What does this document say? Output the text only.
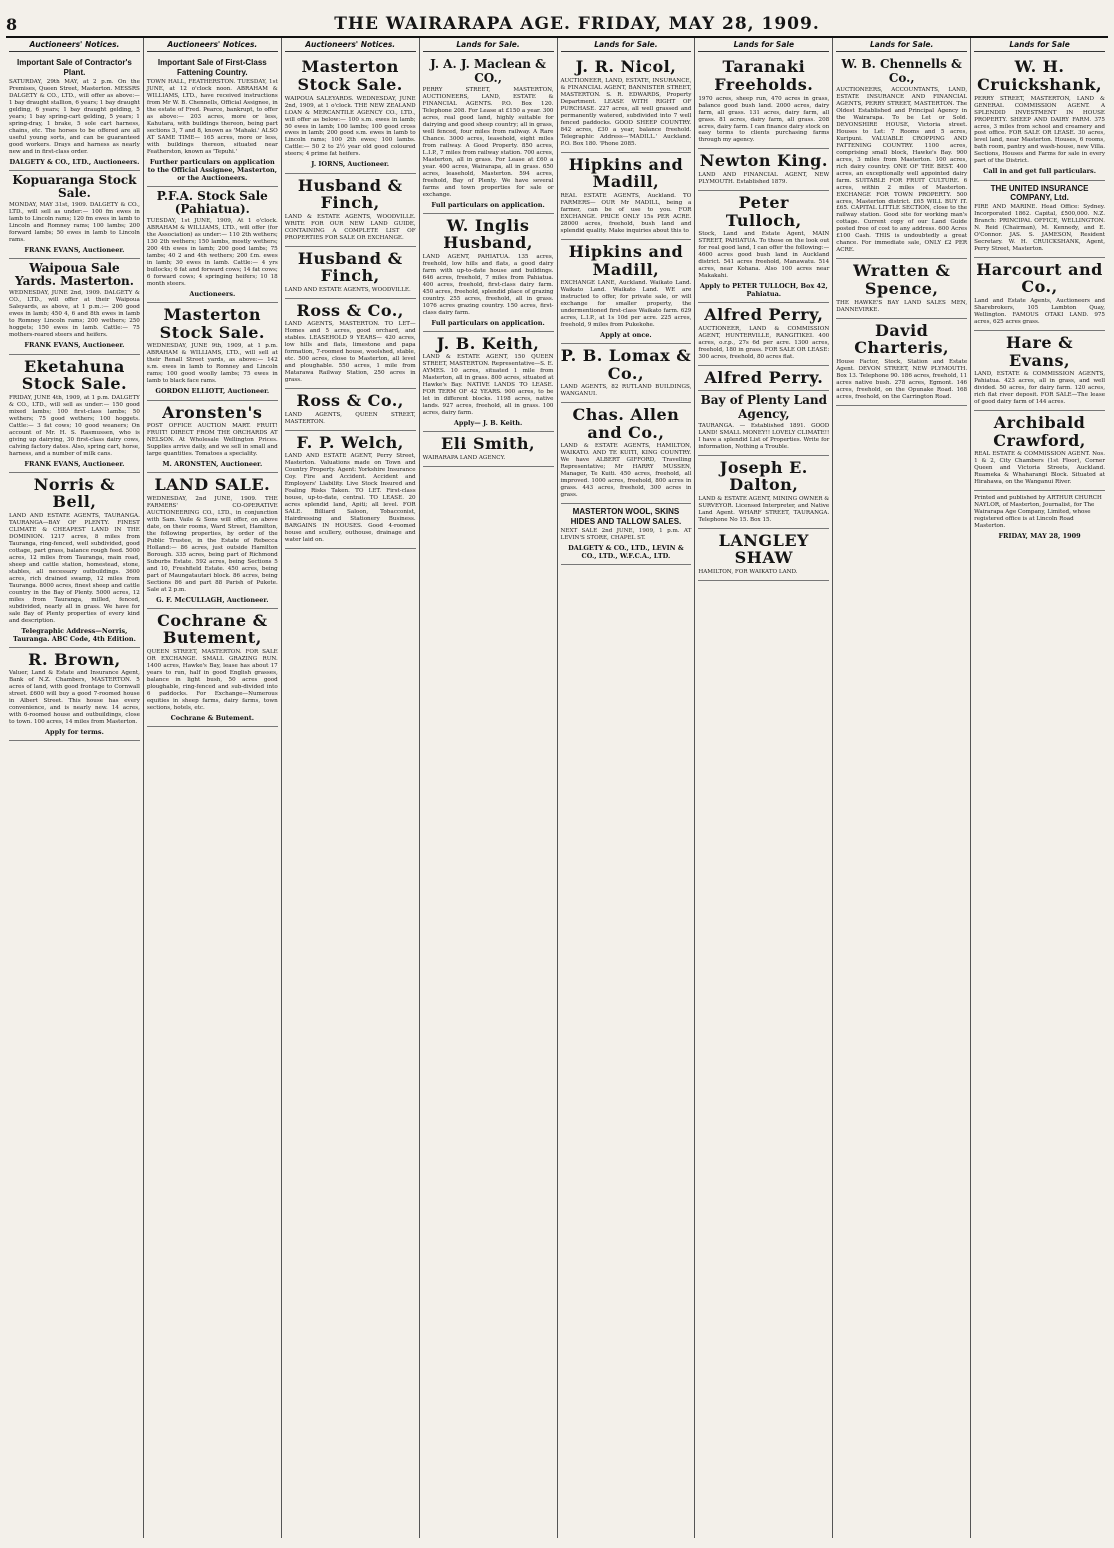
8	THE WAIRARAPA AGE. FRIDAY, MAY 28, 1909.
Auctioneers' Notices.
Important Sale of Contractor's Plant.
SATURDAY, 29th MAY, at 2 p.m. On the Premises, Queen Street, Masterton. MESSRS DALGETY & CO., LTD., will offer as above:— 1 bay draught stallion, 6 years; 1 bay draught gelding, 6 years; 1 bay draught gelding, 5 years; 1 bay spring-cart gelding, 5 years; 1 spring-dray, 1 brake, 5 sole cart harness, chains, etc. The horses to be offered are all useful young sorts, and can be guaranteed good workers. Drays and harness as nearly new and in first-class order.
DALGETY & CO., LTD., Auctioneers.
Kopuaranga Stock Sale.
MONDAY, MAY 31st, 1909. DALGETY & CO., LTD., will sell as under:— 100 fm ewes in lamb to Lincoln rams; 120 fm ewes in lamb to Lincoln and Romney rams; 100 lambs; 200 forward lambs; 50 ewes in lamb to Lincoln rams.
FRANK EVANS, Auctioneer.
Waipoua Sale Yards. Masterton.
WEDNESDAY, JUNE 2nd, 1909. DALGETY & CO., LTD., will offer at their Waipoua Saleyards, as above, at 1 p.m.:— 200 good ewes in lamb; 450 4, 6 and 8th ewes in lamb to Romney Lincoln rams; 200 wethers; 250 hoggets; 150 ewes in lamb. Cattle:— 75 mothers-reared steers and heifers.
FRANK EVANS, Auctioneer.
Eketahuna Stock Sale.
FRIDAY, JUNE 4th, 1909, at 1 p.m. DALGETY & CO., LTD., will sell as under:— 150 good mixed lambs; 100 first-class lambs; 50 wethers; 75 good wethers; 100 hoggets. Cattle:— 3 fat cows; 10 good weaners; On account of Mr. H. S. Rasmussen, who is giving up dairying, 30 first-class dairy cows, calving factory dates. Also, spring cart, horse, harness, and a number of milk cans.
FRANK EVANS, Auctioneer.
Norris & Bell,
LAND AND ESTATE AGENTS, TAURANGA. TAURANGA—BAY OF PLENTY. FINEST CLIMATE & CHEAPEST LAND IN THE DOMINION. 1217 acres, 8 miles from Tauranga, ring-fenced, well subdivided, good cottage, part grass, balance rough feed. 5000 acres, 12 miles from Tauranga, main road, sheep and cattle station, homestead, stone, stables, all necessary outbuildings. 3600 acres, rich drained swamp, 12 miles from Tauranga. 8000 acres, finest sheep and cattle country in the Bay of Plenty. 5000 acres, 12 miles from Tauranga, milled, fenced, subdivided, nearly all in grass. We have for sale Bay of Plenty properties of every kind and description.
Telegraphic Address—Norris, Tauranga. ABC Code, 4th Edition.
R. Brown,
Valuer, Land & Estate and Insurance Agent, Bank of N.Z. Chambers, MASTERTON. 5 acres of land, with good frontage to Cornwall street. £600 will buy a good 7-roomed house in Albert Street. This house has every convenience, and is nearly new. 14 acres, with 6-roomed house and outbuildings, close to town. 100 acres, 14 miles from Masterton.
Apply for terms.
Auctioneers' Notices.
Important Sale of First-Class Fattening Country.
TOWN HALL, FEATHERSTON. TUESDAY, 1st JUNE, at 12 o'clock noon. ABRAHAM & WILLIAMS, LTD., have received instructions from Mr W. B. Chennells, Official Assignee, in the estate of Fred. Pearce, bankrupt, to offer as above:— 203 acres, more or less, Kahutara, with buildings thereon, being part sections 3, 7 and 8, known as 'Mahaki.' ALSO AT SAME TIME— 165 acres, more or less, with buildings thereon, situated near Featherston, known as 'Tepuhi.'
Further particulars on application to the Official Assignee, Masterton, or the Auctioneers.
P.F.A. Stock Sale (Pahiatua).
TUESDAY, 1st JUNE, 1909, At 1 o'clock. ABRAHAM & WILLIAMS, LTD., will offer (for the Association) as under:— 110 2th wethers; 130 2th wethers; 150 lambs, mostly wethers; 200 4th ewes in lamb; 200 good lambs; 75 lambs; 40 2 and 4th wethers; 200 f.m. ewes in lamb; 30 ewes in lamb. Cattle:— 4 yrs bullocks; 6 fat and forward cows; 14 fat cows; 6 forward cows; 4 springing heifers; 10 18 month steers.
Auctioneers.
Masterton Stock Sale.
WEDNESDAY, JUNE 9th, 1909, at 1 p.m. ABRAHAM & WILLIAMS, LTD., will sell at their Renall Street yards, as above:— 142 s.m. ewes in lamb to Romney and Lincoln rams; 100 good woolly lambs; 75 ewes in lamb to black face rams.
GORDON ELLIOTT, Auctioneer.
Aronsten's
POST OFFICE AUCTION MART. FRUIT! FRUIT! DIRECT FROM THE ORCHARDS AT NELSON. At Wholesale Wellington Prices. Supplies arrive daily, and we sell in small and large quantities. Tomatoes a speciality.
M. ARONSTEN, Auctioneer.
LAND SALE.
WEDNESDAY, 2nd JUNE, 1909. THE FARMERS' CO-OPERATIVE AUCTIONEERING CO., LTD., in conjunction with Sam. Vaile & Sons will offer, on above date, on their rooms, Ward Street, Hamilton, the following properties, by order of the Public Trustee, in the Estate of Rebecca Holland:— 86 acres, just outside Hamilton Borough. 335 acres, being part of Richmond Suburbs Estate. 592 acres, being Sections 5 and 10, Freshfield Estate. 450 acres, being part of Maungatautari block. 86 acres, being Sections 86 and part 88 Parish of Pukete. Sale at 2 p.m.
G. F. McCULLAGH, Auctioneer.
Cochrane & Butement,
QUEEN STREET, MASTERTON. FOR SALE OR EXCHANGE. SMALL GRAZING RUN. 1400 acres, Hawke's Bay, lease has about 17 years to run, half in good English grasses, balance in light bush, 50 acres good ploughable, ring-fenced and sub-divided into 6 paddocks. For Exchange—Numerous equities in sheep farms, dairy farms, town sections, hotels, etc.
Cochrane & Butement.
Auctioneers' Notices.
Masterton Stock Sale.
WAIPOUA SALEYARDS. WEDNESDAY, JUNE 2nd, 1909, at 1 o'clock. THE NEW ZEALAND LOAN & MERCANTILE AGENCY CO., LTD., will offer as below:— 100 s.m. ewes in lamb; 50 ewes in lamb; 100 lambs; 100 good cross ewes in lamb; 200 good s.m. ewes in lamb to Lincoln rams; 100 2th ewes; 100 lambs. Cattle:— 50 2 to 2½ year old good coloured steers; 4 prime fat heifers.
J. IORNS, Auctioneer.
Husband & Finch,
LAND & ESTATE AGENTS, WOODVILLE. WRITE FOR OUR NEW LAND GUIDE, CONTAINING A COMPLETE LIST OF PROPERTIES FOR SALE OR EXCHANGE.
Husband & Finch,
LAND AND ESTATE AGENTS, WOODVILLE.
Ross & Co.,
LAND AGENTS, MASTERTON. TO LET— Homes and 5 acres, good orchard, and stables. LEASEHOLD 9 YEARS— 420 acres, low hills and flats, limestone and papa formation, 7-roomed house, woolshed, stable, etc. 500 acres, close to Masterton, all level and ploughable. 550 acres, 1 mile from Matarawa Railway Station, 250 acres in grass.
Ross & Co.,
LAND AGENTS, QUEEN STREET, MASTERTON.
F. P. Welch,
LAND AND ESTATE AGENT, Perry Street, Masterton. Valuations made on Town and Country Property. Agent: Yorkshire Insurance Coy. Fire and Accident. Accident and Employers' Liability. Live Stock Insured and Foaling Risks Taken. TO LET. First-class house, up-to-date, central. TO LEASE. 20 acres splendid land, Apiti; all level. FOR SALE. Billiard Saloon, Tobacconist, Hairdressing and Stationery Business. BARGAINS IN HOUSES. Good 4-roomed house and scullery, outhouse, drainage and water laid on.
Lands for Sale.
J. A. J. Maclean & CO.,
PERRY STREET, MASTERTON, AUCTIONEERS, LAND, ESTATE & FINANCIAL AGENTS. P.O. Box 120. Telephone 208. For Lease at £150 a year. 300 acres, real good land, highly suitable for dairying and good sheep country; all in grass, well fenced, four miles from railway. A Rare Chance. 3000 acres, leasehold, eight miles from railway. A Good Property. 850 acres, L.I.P., 7 miles from railway station. 700 acres, Masterton, all in grass. For Lease at £60 a year. 400 acres, Wairarapa, all in grass. 650 acres, leasehold, Masterton. 594 acres, freehold, Bay of Plenty. We have several farms and town properties for sale or exchange.
Full particulars on application.
W. Inglis Husband,
LAND AGENT, PAHIATUA. 135 acres, freehold, low hills and flats, a good dairy farm with up-to-date house and buildings. 646 acres, freehold, 7 miles from Pahiatua. 400 acres, freehold, first-class dairy farm. 450 acres, freehold, splendid place of grazing country. 255 acres, freehold, all in grass. 1076 acres grazing country. 150 acres, first-class dairy farm.
Full particulars on application.
J. B. Keith,
LAND & ESTATE AGENT, 150 QUEEN STREET, MASTERTON. Representative—S. E. AYMES. 10 acres, situated 1 mile from Masterton, all in grass. 800 acres, situated at Hawke's Bay. NATIVE LANDS TO LEASE. FOR TERM OF 42 YEARS. 900 acres, to be let in different blocks. 1198 acres, native lands. 927 acres, freehold, all in grass. 100 acres, dairy farm.
Apply— J. B. Keith.
Eli Smith,
WAIRARAPA LAND AGENCY.
Lands for Sale.
J. R. Nicol,
AUCTIONEER, LAND, ESTATE, INSURANCE, & FINANCIAL AGENT, BANNISTER STREET, MASTERTON. S. R. EDWARDS, Property Department. LEASE WITH RIGHT OF PURCHASE. 227 acres, all well grassed and permanently watered, subdivided into 7 well fenced paddocks. GOOD SHEEP COUNTRY. 842 acres, £30 a year, balance freehold. Telegraphic Address—'MADILL.' Auckland. P.O. Box 180. 'Phone 2085.
Hipkins and Madill,
REAL ESTATE AGENTS, Auckland. TO FARMERS— OUR Mr MADILL, being a farmer, can be of use to you. FOR EXCHANGE. PRICE ONLY 15s PER ACRE. 28000 acres, freehold, bush land and splendid quality. Make inquiries about this to
Hipkins and Madill,
EXCHANGE LANE, Auckland. Waikato Land. Waikato Land. Waikato Land. WE are instructed to offer, for private sale, or will exchange for smaller property, the undermentioned first-class Waikato farm. 629 acres, L.I.P., at 1s 10d per acre. 225 acres, freehold, 9 miles from Pukekohe.
Apply at once.
P. B. Lomax & Co.,
LAND AGENTS, 82 RUTLAND BUILDINGS, WANGANUI.
Chas. Allen and Co.,
LAND & ESTATE AGENTS, HAMILTON, WAIKATO. AND TE KUITI, KING COUNTRY. We have ALBERT GIFFORD, Travelling Representative; Mr HARRY MUSSEN, Manager, Te Kuiti. 450 acres, freehold, all improved. 1000 acres, freehold, 800 acres in grass. 443 acres, freehold, 300 acres in grass.
MASTERTON WOOL, SKINS HIDES AND TALLOW SALES.
NEXT SALE 2nd JUNE, 1909, 1 p.m. AT LEVIN'S STORE, CHAPEL ST.
DALGETY & CO., LTD., LEVIN & CO., LTD., W.F.C.A., LTD.
Lands for Sale
Taranaki Freeholds.
1970 acres, sheep run, 470 acres in grass, balance good bush land. 2000 acres, dairy farm, all grass. 131 acres, dairy farm, all grass. 81 acres, dairy farm, all grass. 208 acres, dairy farm. I can finance dairy stock on easy terms to clients purchasing farms through my agency.
Newton King.
LAND AND FINANCIAL AGENT, NEW PLYMOUTH. Established 1879.
Peter Tulloch,
Stock, Land and Estate Agent, MAIN STREET, PAHIATUA. To those on the look out for real good land, I can offer the following:— 4600 acres good bush land in Auckland district. 541 acres freehold, Manawatu. 514 acres, near Kohana. Also 100 acres near Makakahi.
Apply to PETER TULLOCH, Box 42, Pahiatua.
Alfred Perry,
AUCTIONEER, LAND & COMMISSION AGENT, HUNTERVILLE, RANGITIKEI. 400 acres, o.r.p., 27s 6d per acre. 1300 acres, freehold, 180 in grass. FOR SALE OR LEASE: 300 acres, freehold, 80 acres flat.
Alfred Perry.
Bay of Plenty Land Agency,
TAURANGA. — Established 1891. GOOD LAND! SMALL MONEY!! LOVELY CLIMATE!! I have a splendid List of Properties. Write for information, Nothing a Trouble.
Joseph E. Dalton,
LAND & ESTATE AGENT, MINING OWNER & SURVEYOR. Licensed Interpreter, and Native Land Agent. WHARF STREET, TAURANGA. Telephone No 15. Box 15.
LANGLEY SHAW
HAMILTON, FOR WAIKATO LAND.
Lands for Sale.
W. B. Chennells & Co.,
AUCTIONEERS, ACCOUNTANTS, LAND, ESTATE INSURANCE AND FINANCIAL AGENTS, PERRY STREET, MASTERTON. The Oldest Established and Principal Agency in the Wairarapa. To be Let or Sold. DEVONSHIRE HOUSE, Victoria street. Houses to Let: 7 Rooms and 5 acres, Kuripuni. VALUABLE CROPPING AND FATTENING COUNTRY. 1100 acres, comprising small block, Hawke's Bay. 900 acres, 3 miles from Masterton. 100 acres, rich dairy country. ONE OF THE BEST. 400 acres, an exceptionally well appointed dairy farm. SUITABLE FOR FRUIT CULTURE. 6 acres, within 2 miles of Masterton. EXCHANGE FOR TOWN PROPERTY. 500 acres, Masterton district. £65 WILL BUY IT. £65. CAPITAL LITTLE SECTION, close to the railway station. Good site for working man's cottage. Current copy of our Land Guide posted free of cost to any address. 600 Acres £100 Cash. THIS is undoubtedly a great chance. For immediate sale, ONLY £2 PER ACRE.
Wratten & Spence,
THE HAWKE'S BAY LAND SALES MEN, DANNEVIRKE.
David Charteris,
House Factor, Stock, Station and Estate Agent. DEVON STREET, NEW PLYMOUTH. Box 13. Telephone 90. 186 acres, freehold, 11 acres native bush. 278 acres, Egmont. 146 acres, freehold, on the Opunake Road. 168 acres, freehold, on the Carrington Road.
Lands for Sale
W. H. Cruickshank,
PERRY STREET, MASTERTON, LAND & GENERAL COMMISSION AGENT. A SPLENDID INVESTMENT IN HOUSE PROPERTY. SHEEP AND DAIRY FARM. 375 acres, 3 miles from school and creamery and post office. FOR SALE OR LEASE. 30 acres, level land, near Masterton. Houses, 6 rooms, bath room, pantry and wash-house, new Villa. Sections, Houses and Farms for sale in every part of the District.
Call in and get full particulars.
THE UNITED INSURANCE COMPANY, Ltd.
FIRE AND MARINE. Head Office: Sydney. Incorporated 1862. Capital, £500,000. N.Z. Branch: PRINCIPAL OFFICE, WELLINGTON. N. Reid (Chairman), M. Kennedy, and E. O'Connor. JAS. S. JAMESON, Resident Secretary. W. H. CRUICKSHANK, Agent, Perry Street, Masterton.
Harcourt and Co.,
Land and Estate Agents, Auctioneers and Sharebrokers, 105 Lambton Quay, Wellington. FAMOUS OTAKI LAND. 975 acres, 625 acres grass.
Hare & Evans,
LAND, ESTATE & COMMISSION AGENTS, Pahiatua. 423 acres, all in grass, and well divided. 50 acres, for dairy farm. 120 acres, rich flat river deposit. FOR SALE—The lease of good dairy farm of 144 acres.
Archibald Crawford,
REAL ESTATE & COMMISSION AGENT. Nos. 1 & 2, City Chambers (1st Floor), Corner Queen and Victoria Streets, Auckland. Ruameka & Whaharangi Block. Situated at Hirahawa, on the Wanganui River.
Printed and published by ARTHUR CHURCH NAYLOR, of Masterton, Journalist, for The Wairarapa Age Company, Limited, whose registered office is at Lincoln Road Masterton.
FRIDAY, MAY 28, 1909
